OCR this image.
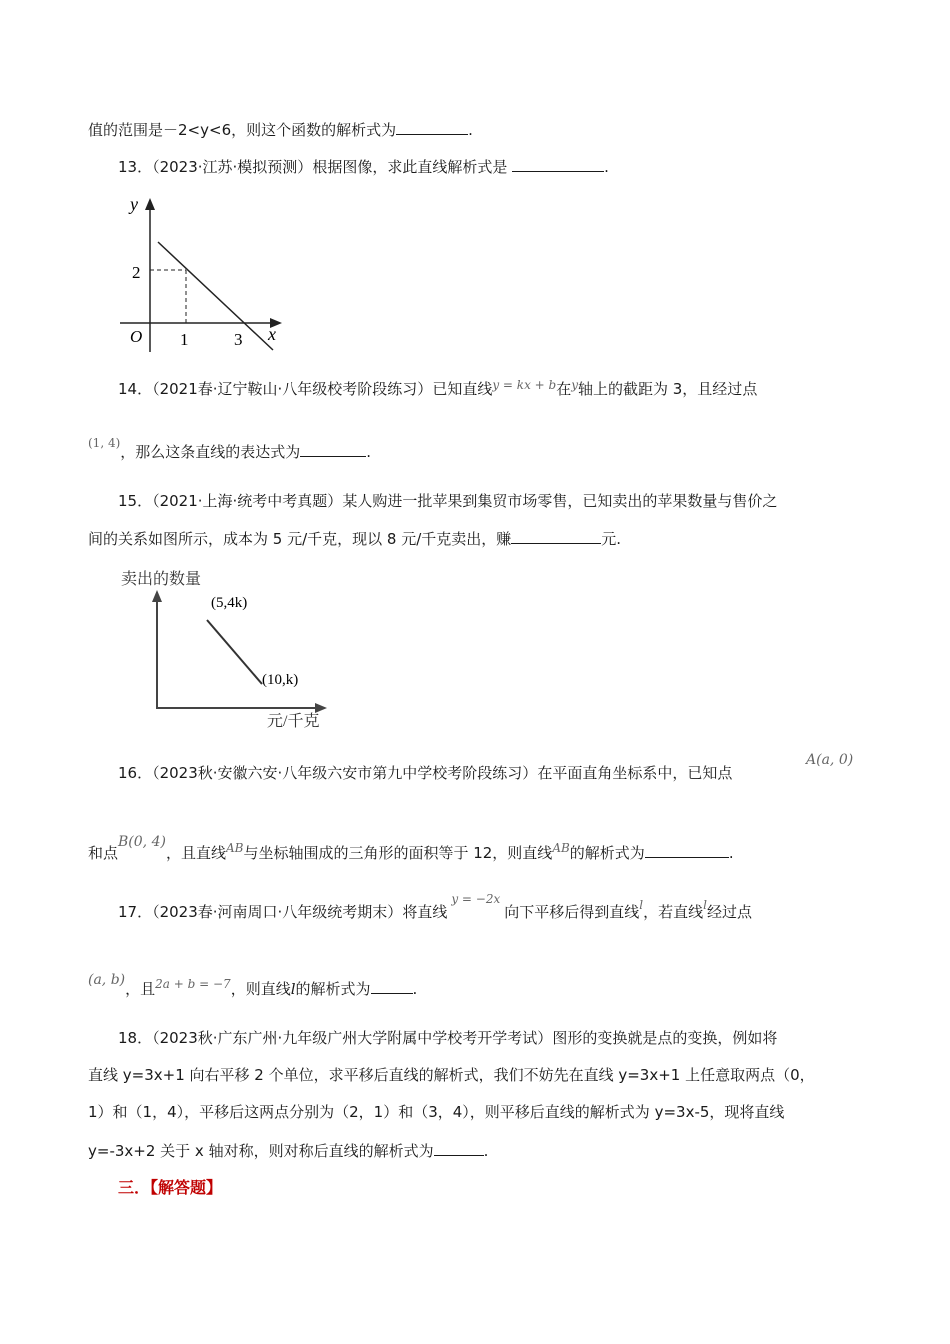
值的范围是－2<y<6，则这个函数的解析式为	.
13．（2023·江苏·模拟预测）根据图像，求此直线解析式是	.
y
x
O
2
1	3
14．（2021春·辽宁鞍山·八年级校考阶段练习）已知直线$^{y = kx + b}$在$^y$轴上的截距为 3，且经过点
$^{(1, 4)}$，那么这条直线的表达式为	.
15．（2021·上海·统考中考真题）某人购进一批苹果到集贸市场零售，已知卖出的苹果数量与售价之
间的关系如图所示，成本为 5 元/千克，现以 8 元/千克卖出，赚	元.
卖出的数量
(5,4k)
(10,k)
元/千克
16．（2023秋·安徽六安·八年级六安市第九中学校考阶段练习）在平面直角坐标系中，已知点
A(a, 0)
和点B(0, 4)，且直线$^{AB}$与坐标轴围成的三角形的面积等于 12，则直线$^{AB}$的解析式为	.
17．（2023春·河南周口·八年级统考期末）将直线$^{y = -2x}$向下平移后得到直线$^l$，若直线$^l$经过点
(a, b)，且$^{2a + b = -7}$，则直线l的解析式为	.
18．（2023秋·广东广州·九年级广州大学附属中学校考开学考试）图形的变换就是点的变换，例如将
直线 y=3x+1 向右平移 2 个单位，求平移后直线的解析式，我们不妨先在直线 y=3x+1 上任意取两点（0，
1）和（1，4），平移后这两点分别为（2，1）和（3，4），则平移后直线的解析式为 y=3x-5，现将直线
y=-3x+2 关于 x 轴对称，则对称后直线的解析式为	.
三．【解答题】
